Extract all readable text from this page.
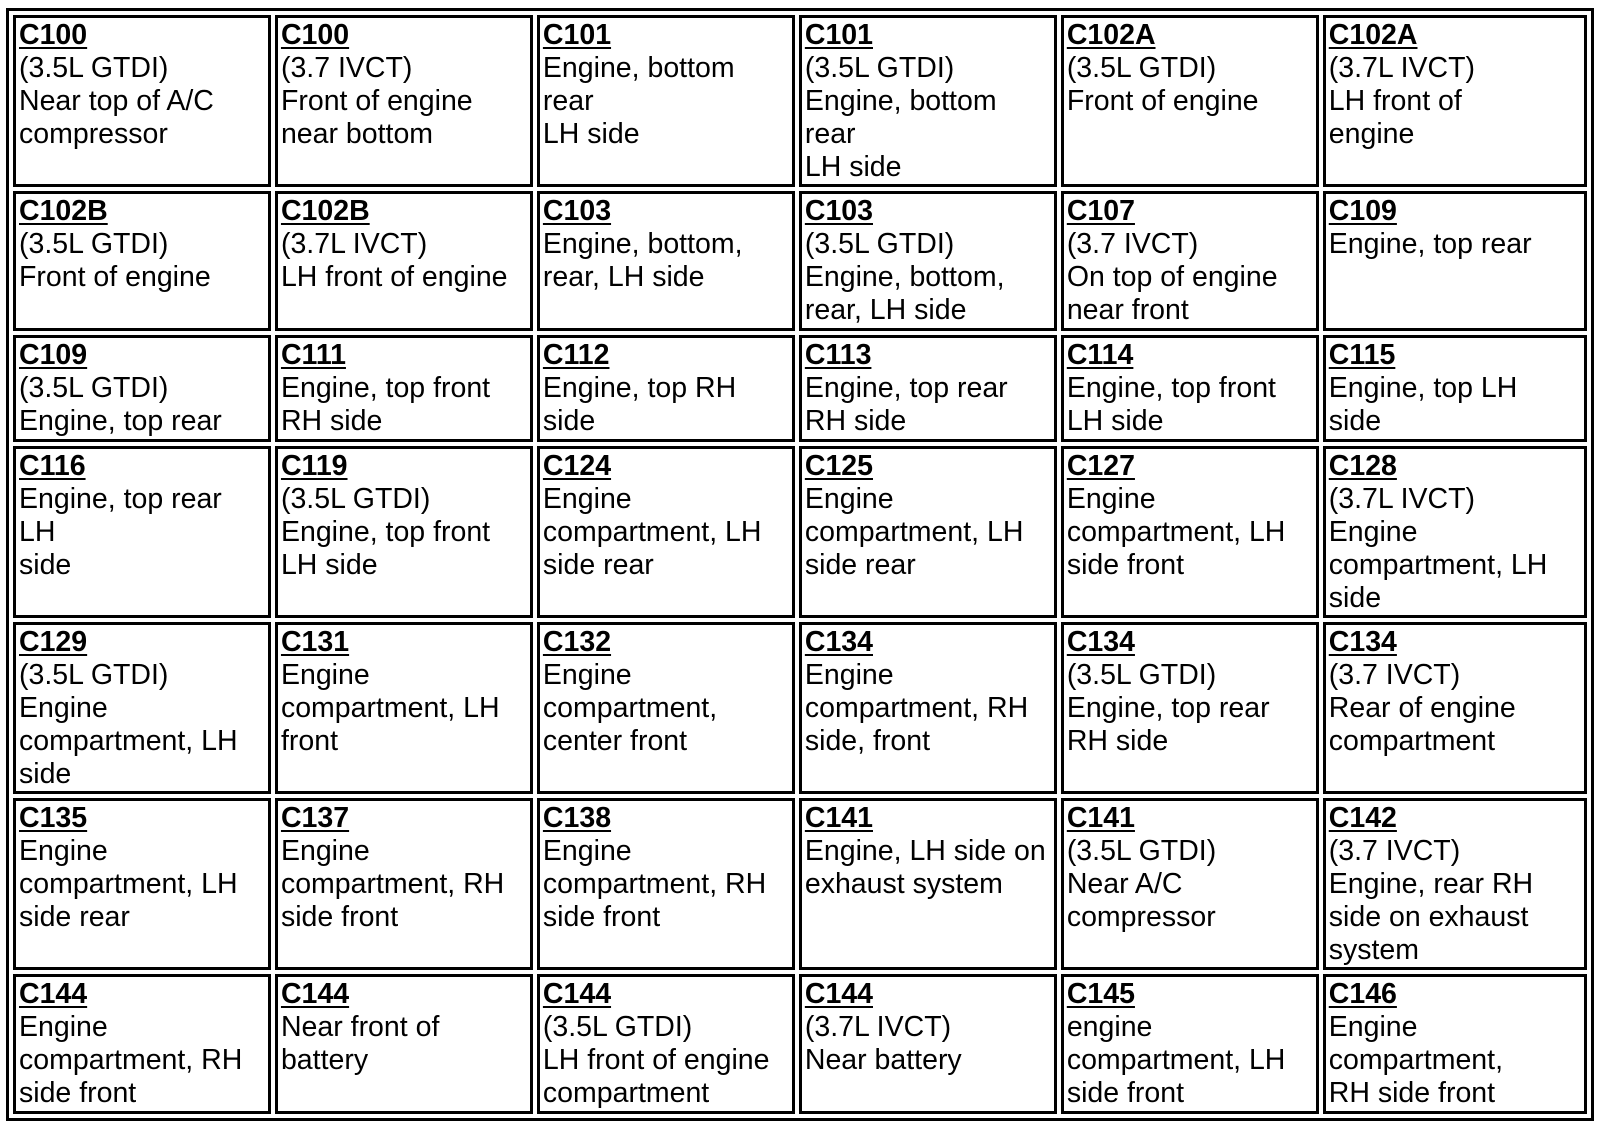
C100
(3.5L GTDI)
Near top of A/C
compressor	C100
(3.7 IVCT)
Front of engine
near bottom	C101
Engine, bottom rear
LH side	C101
(3.5L GTDI)
Engine, bottom rear
LH side	C102A
(3.5L GTDI)
Front of engine	C102A
(3.7L IVCT)
LH front of
engine

C102B
(3.5L GTDI)
Front of engine	C102B
(3.7L IVCT)
LH front of engine	C103
Engine, bottom,
rear, LH side	C103
(3.5L GTDI)
Engine, bottom,
rear, LH side	C107
(3.7 IVCT)
On top of engine
near front	C109
Engine, top rear

C109
(3.5L GTDI)
Engine, top rear	C111
Engine, top front
RH side	C112
Engine, top RH
side	C113
Engine, top rear
RH side	C114
Engine, top front
LH side	C115
Engine, top LH
side

C116
Engine, top rear LH
side	C119
(3.5L GTDI)
Engine, top front
LH side	C124
Engine
compartment, LH
side rear	C125
Engine
compartment, LH
side rear	C127
Engine
compartment, LH
side front	C128
(3.7L IVCT)
Engine
compartment, LH
side

C129
(3.5L GTDI)
Engine
compartment, LH
side	C131
Engine
compartment, LH
front	C132
Engine
compartment,
center front	C134
Engine
compartment, RH
side, front	C134
(3.5L GTDI)
Engine, top rear
RH side	C134
(3.7 IVCT)
Rear of engine
compartment

C135
Engine
compartment, LH
side rear	C137
Engine
compartment, RH
side front	C138
Engine
compartment, RH
side front	C141
Engine, LH side on
exhaust system	C141
(3.5L GTDI)
Near A/C
compressor	C142
(3.7 IVCT)
Engine, rear RH
side on exhaust
system

C144
Engine
compartment, RH
side front	C144
Near front of
battery	C144
(3.5L GTDI)
LH front of engine
compartment	C144
(3.7L IVCT)
Near battery	C145
engine
compartment, LH
side front	C146
Engine
compartment,
RH side front
